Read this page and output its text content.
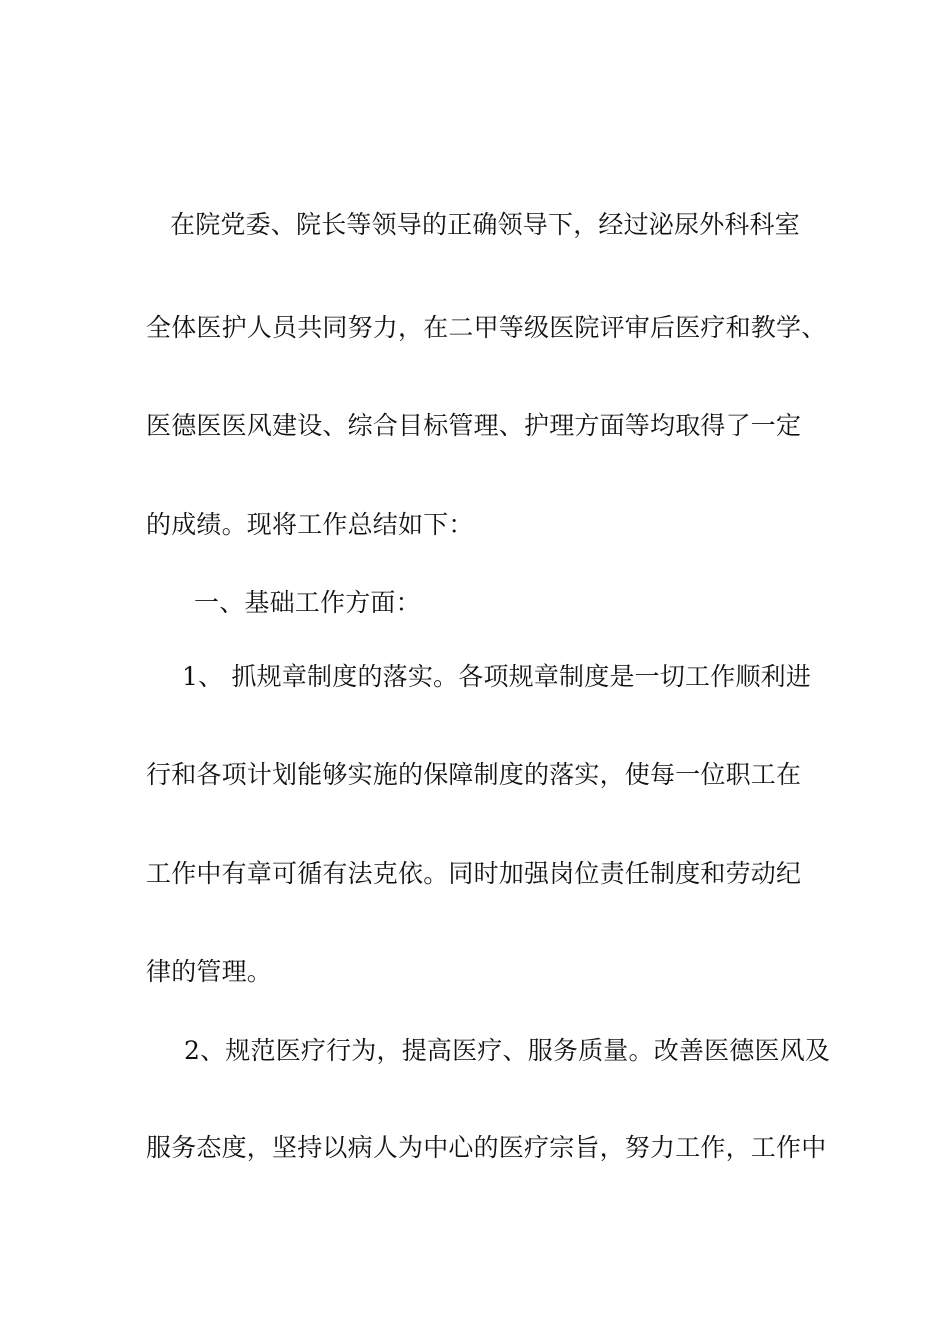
在院党委、院长等领导的正确领导下，经过泌尿外科科室
全体医护人员共同努力，在二甲等级医院评审后医疗和教学、
医德医医风建设、综合目标管理、护理方面等均取得了一定
的成绩。现将工作总结如下：
一、基础工作方面：
1、 抓规章制度的落实。各项规章制度是一切工作顺利进
行和各项计划能够实施的保障制度的落实，使每一位职工在
工作中有章可循有法克依。同时加强岗位责任制度和劳动纪
律的管理。
2、规范医疗行为，提高医疗、服务质量。改善医德医风及
服务态度，坚持以病人为中心的医疗宗旨，努力工作，工作中
